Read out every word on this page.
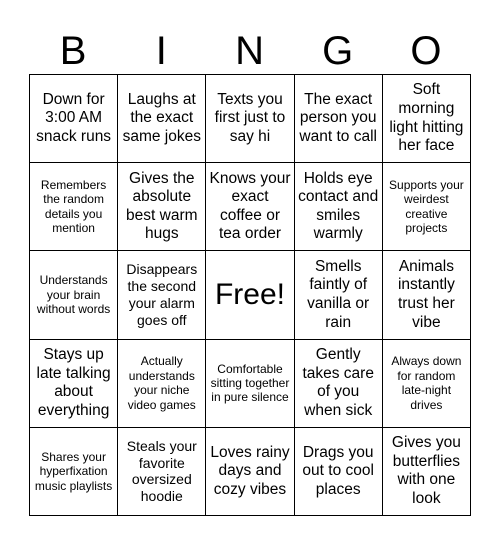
B	I	N	G	O
Down for 3:00 AM snack runs
Laughs at the exact same jokes
Texts you first just to say hi
The exact person you want to call
Soft morning light hitting her face
Remembers the random details you mention
Gives the absolute best warm hugs
Knows your exact coffee or tea order
Holds eye contact and smiles warmly
Supports your weirdest creative projects
Understands your brain without words
Disappears the second your alarm goes off
Free!
Smells faintly of vanilla or rain
Animals instantly trust her vibe
Stays up late talking about everything
Actually understands your niche video games
Comfortable sitting together in pure silence
Gently takes care of you when sick
Always down for random late-night drives
Shares your hyperfixation music playlists
Steals your favorite oversized hoodie
Loves rainy days and cozy vibes
Drags you out to cool places
Gives you butterflies with one look
